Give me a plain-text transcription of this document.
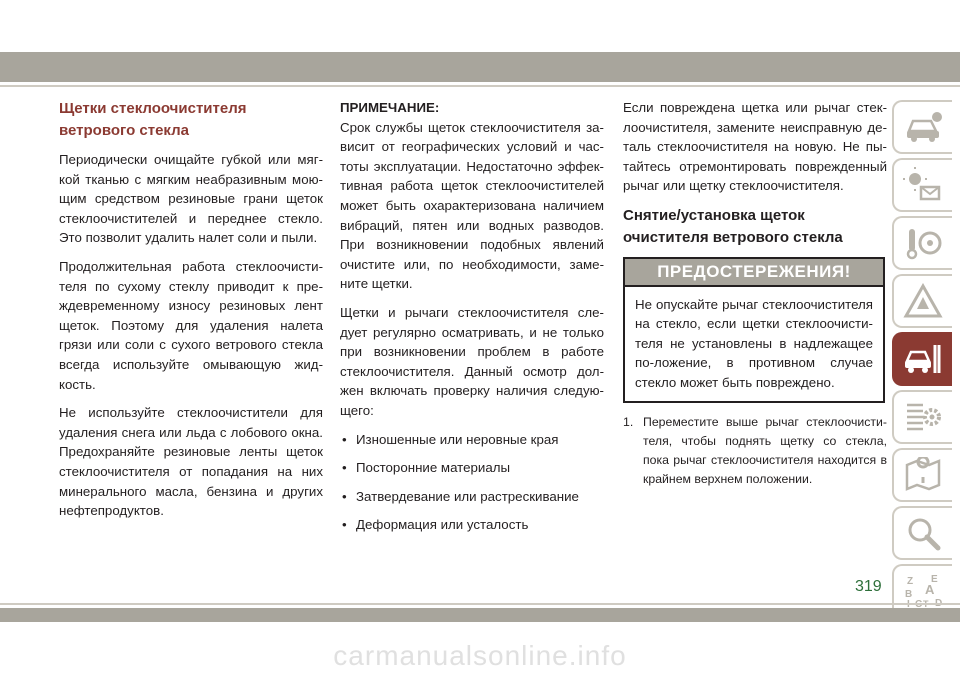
Щетки стеклоочистителя ветрового стекла

Периодически очищайте губкой или мяг-кой тканью с мягким неабразивным мою-щим средством резиновые грани щеток стеклоочистителей и переднее стекло. Это позволит удалить налет соли и пыли.

Продолжительная работа стеклоочисти-теля по сухому стеклу приводит к пре-ждевременному износу резиновых лент щеток. Поэтому для удаления налета грязи или соли с сухого ветрового стекла всегда используйте омывающую жид-кость.

Не используйте стеклоочистители для удаления снега или льда с лобового окна. Предохраняйте резиновые ленты щеток стеклоочистителя от попадания на них минерального масла, бензина и других нефтепродуктов.

ПРИМЕЧАНИЕ:

Срок службы щеток стеклоочистителя за-висит от географических условий и час-тоты эксплуатации. Недостаточно эффек-тивная работа щеток стеклоочистителей может быть охарактеризована наличием вибраций, пятен или водных разводов. При возникновении подобных явлений очистите или, по необходимости, заме-ните щетки.

Щетки и рычаги стеклоочистителя сле-дует регулярно осматривать, и не только при возникновении проблем в работе стеклоочистителя. Данный осмотр дол-жен включать проверку наличия следую-щего:

• Изношенные или неровные края
• Посторонние материалы
• Затвердевание или растрескивание
• Деформация или усталость

Если повреждена щетка или рычаг стек-лоочистителя, замените неисправную де-таль стеклоочистителя на новую. Не пы-тайтесь отремонтировать поврежденный рычаг или щетку стеклоочистителя.

Снятие/установка щеток очистителя ветрового стекла
ПРЕДОСТЕРЕЖЕНИЯ!
Не опускайте рычаг стеклоочистителя на стекло, если щетки стеклоочисти-теля не установлены в надлежащее по-ложение, в противном случае стекло может быть повреждено.
1. Переместите выше рычаг стеклоочисти-теля, чтобы поднять щетку со стекла, пока рычаг стеклоочистителя находится в крайнем верхнем положении.
Z E
A
B
319
carmanualsonline.info
